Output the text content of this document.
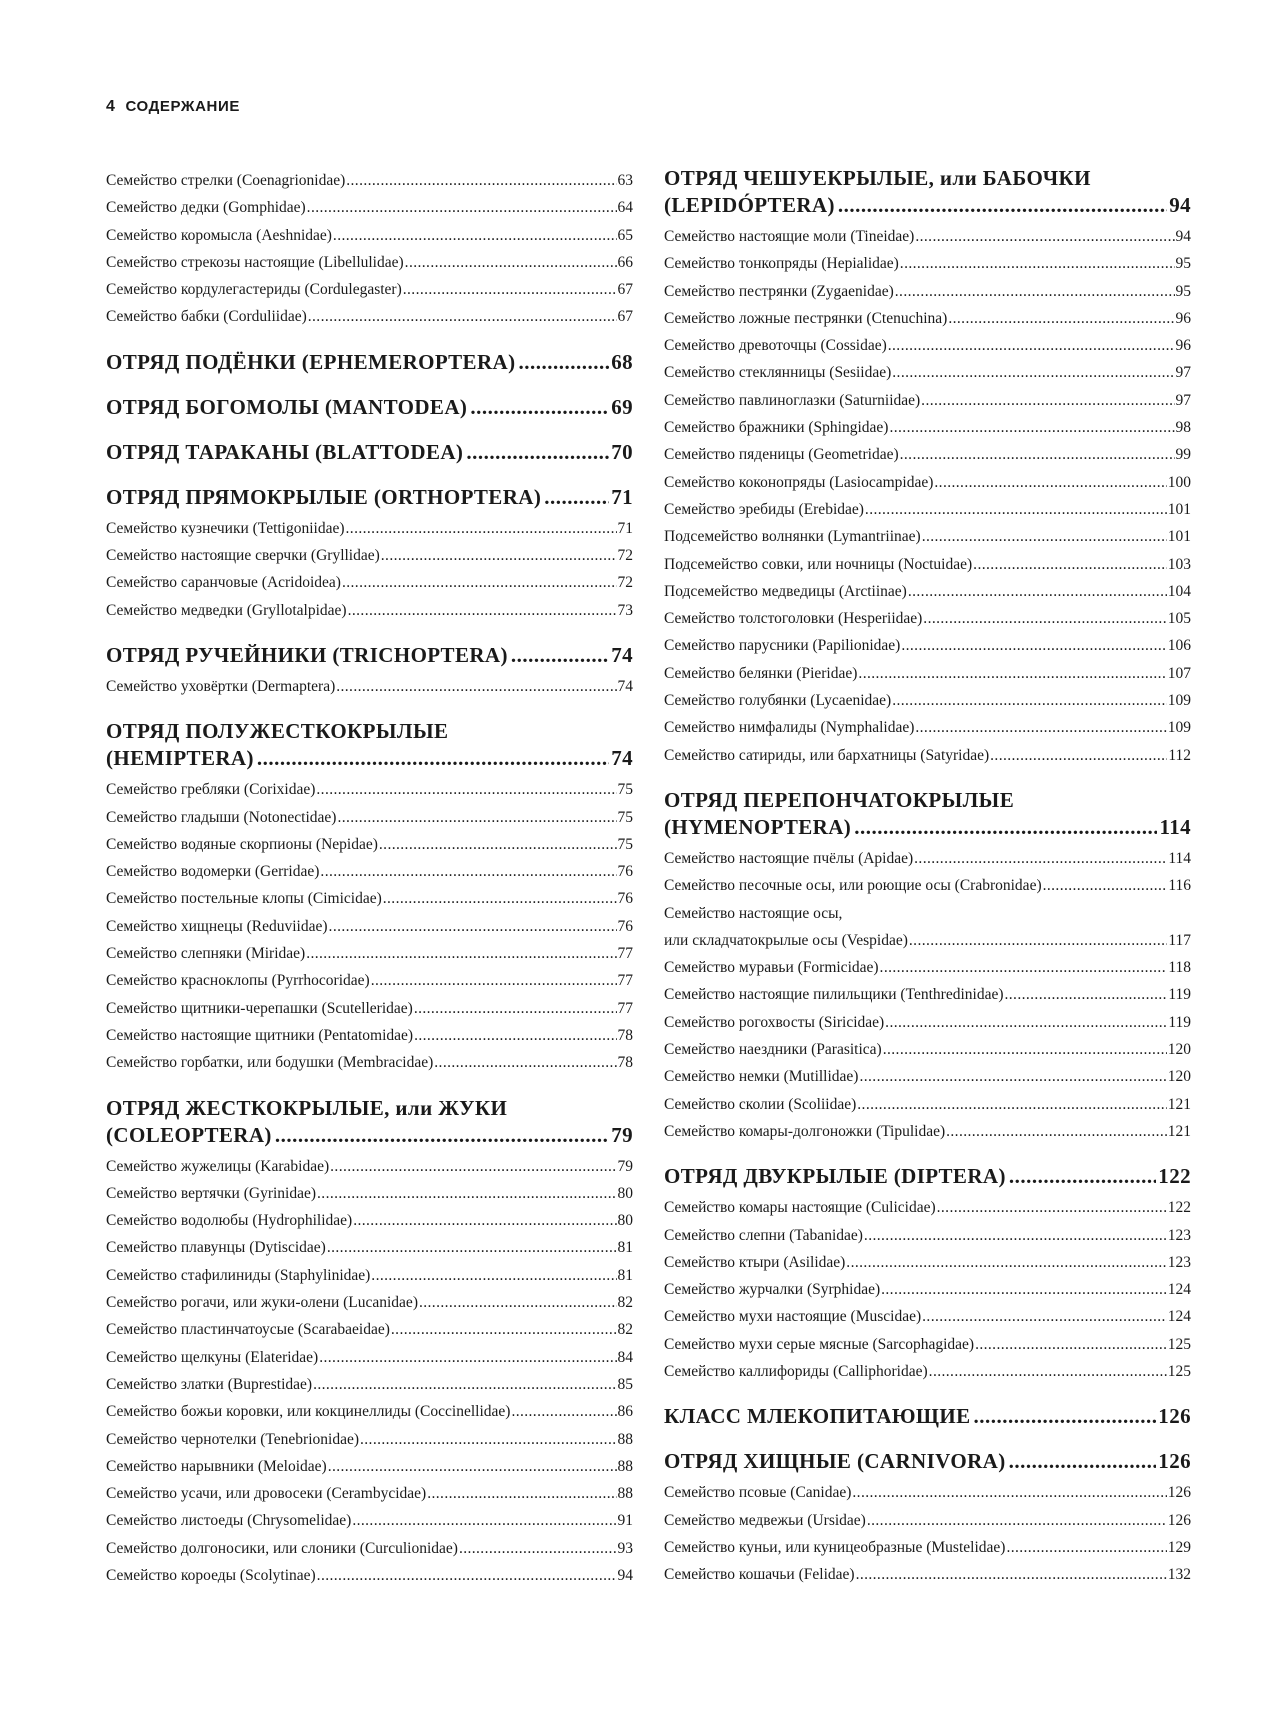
4 СОДЕРЖАНИЕ
Семейство стрелки (Coenagrionidae) .....	63
Семейство дедки (Gomphidae) .....	64
Семейство коромысла (Aeshnidae) .....	65
Семейство стрекозы настоящие (Libellulidae) .....	66
Семейство кордулегастериды (Cordulegaster) .....	67
Семейство бабки (Corduliidae) .....	67
ОТРЯД ПОДЁНКИ (EPHEMEROPTERA) .....	68
ОТРЯД БОГОМОЛЫ (MANTODEA) .....	69
ОТРЯД ТАРАКАНЫ (BLATTODEA) .....	70
ОТРЯД ПРЯМОКРЫЛЫЕ (ORTHOPTERA) .....	71
Семейство кузнечики (Tettigoniidae) .....	71
Семейство настоящие сверчки (Gryllidae) .....	72
Семейство саранчовые (Acridoidea) .....	72
Семейство медведки (Gryllotalpidae) .....	73
ОТРЯД РУЧЕЙНИКИ (TRICHOPTERA) .....	74
Семейство уховёртки (Dermaptera) .....	74
ОТРЯД ПОЛУЖЕСТКОКРЫЛЫЕ
(HEMIPTERA) .....	74
Семейство гребляки (Corixidae) .....	75
Семейство гладыши (Notonectidae) .....	75
Семейство водяные скорпионы (Nepidae) .....	75
Семейство водомерки (Gerridae) .....	76
Семейство постельные клопы (Cimicidae) .....	76
Семейство хищнецы (Reduviidae) .....	76
Семейство слепняки (Miridae) .....	77
Семейство красноклопы (Pyrrhocoridae) .....	77
Семейство щитники-черепашки (Scutelleridae) .....	77
Семейство настоящие щитники (Pentatomidae) .....	78
Семейство горбатки, или бодушки (Membracidae) .....	78
ОТРЯД ЖЕСТКОКРЫЛЫЕ, или ЖУКИ
(COLEOPTERA) .....	79
Семейство жужелицы (Karabidae) .....	79
Семейство вертячки (Gyrinidae) .....	80
Семейство водолюбы (Hydrophilidae) .....	80
Семейство плавунцы (Dytiscidae) .....	81
Семейство стафилиниды (Staphylinidae) .....	81
Семейство рогачи, или жуки-олени (Lucanidae) .....	82
Семейство пластинчатоусые (Scarabaeidae) .....	82
Семейство щелкуны (Elateridae) .....	84
Семейство златки (Buprestidae) .....	85
Семейство божьи коровки, или кокцинеллиды (Coccinellidae) .....	86
Семейство чернотелки (Tenebrionidae) .....	88
Семейство нарывники (Meloidae) .....	88
Семейство усачи, или дровосеки (Cerambycidae) .....	88
Семейство листоеды (Chrysomelidae) .....	91
Семейство долгоносики, или слоники (Curculionidae) .....	93
Семейство короеды (Scolytinae) .....	94
ОТРЯД ЧЕШУЕКРЫЛЫЕ, или БАБОЧКИ
(LEPIDÓPTERA) .....	94
Семейство настоящие моли (Tineidae) .....	94
Семейство тонкопряды (Hepialidae) .....	95
Семейство пестрянки (Zygaenidae) .....	95
Семейство ложные пестрянки (Ctenuchina) .....	96
Семейство древоточцы (Cossidae) .....	96
Семейство стеклянницы (Sesiidae) .....	97
Семейство павлиноглазки (Saturniidae) .....	97
Семейство бражники (Sphingidae) .....	98
Семейство пяденицы (Geometridae) .....	99
Семейство коконопряды (Lasiocampidae) .....	100
Семейство эребиды (Erebidae) .....	101
Подсемейство волнянки (Lymantriinae) .....	101
Подсемейство совки, или ночницы (Noctuidae) .....	103
Подсемейство медведицы (Arctiinae) .....	104
Семейство толстоголовки (Hesperiidae) .....	105
Семейство парусники (Papilionidae) .....	106
Семейство белянки (Pieridae) .....	107
Семейство голубянки (Lycaenidae) .....	109
Семейство нимфалиды (Nymphalidae) .....	109
Семейство сатириды, или бархатницы (Satyridae) .....	112
ОТРЯД ПЕРЕПОНЧАТОКРЫЛЫЕ
(HYMENOPTERA) .....	114
Семейство настоящие пчёлы (Apidae) .....	114
Семейство песочные осы, или роющие осы (Crabronidae) .....	116
Семейство настоящие осы,
или складчатокрылые осы (Vespidae) .....	117
Семейство муравьи (Formicidae) .....	118
Семейство настоящие пилильщики (Tenthredinidae) .....	119
Семейство рогохвосты (Siricidae) .....	119
Семейство наездники (Parasitica) .....	120
Семейство немки (Mutillidae) .....	120
Семейство сколии (Scoliidae) .....	121
Семейство комары-долгоножки (Tipulidae) .....	121
ОТРЯД ДВУКРЫЛЫЕ (DIPTERA) .....	122
Семейство комары настоящие (Culicidae) .....	122
Семейство слепни (Tabanidae) .....	123
Семейство ктыри (Asilidae) .....	123
Семейство журчалки (Syrphidae) .....	124
Семейство мухи настоящие (Muscidae) .....	124
Семейство мухи серые мясные (Sarcophagidae) .....	125
Семейство каллифориды (Calliphoridae) .....	125
КЛАСС МЛЕКОПИТАЮЩИЕ .....	126
ОТРЯД ХИЩНЫЕ (CARNIVORA) .....	126
Семейство псовые (Canidae) .....	126
Семейство медвежьи (Ursidae) .....	126
Семейство куньи, или куницеобразные (Mustelidae) .....	129
Семейство кошачьи (Felidae) .....	132
